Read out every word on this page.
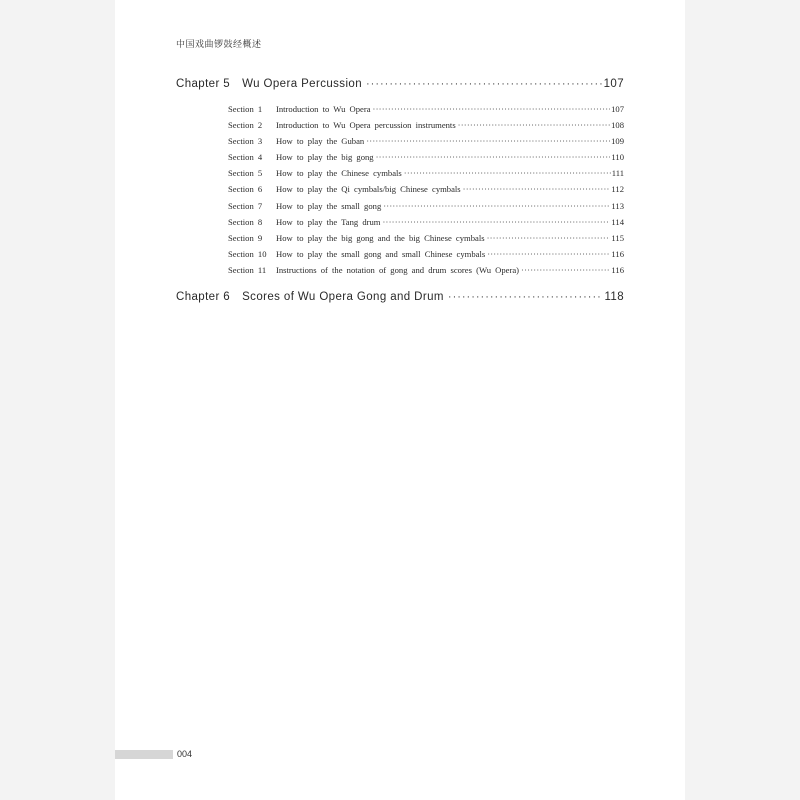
中国戏曲锣鼓经概述
Chapter 5 Wu Opera Percussion ·····	107
Section 1	Introduction to Wu Opera ·····	107
Section 2	Introduction to Wu Opera percussion instruments ·····	108
Section 3	How to play the Guban ·····	109
Section 4	How to play the big gong ·····	110
Section 5	How to play the Chinese cymbals ·····	111
Section 6	How to play the Qi cymbals/big Chinese cymbals ·····	112
Section 7	How to play the small gong ·····	113
Section 8	How to play the Tang drum ·····	114
Section 9	How to play the big gong and the big Chinese cymbals ·····	115
Section 10	How to play the small gong and small Chinese cymbals ·····	116
Section 11	Instructions of the notation of gong and drum scores (Wu Opera) ·····	116
Chapter 6 Scores of Wu Opera Gong and Drum ·····	118
004
